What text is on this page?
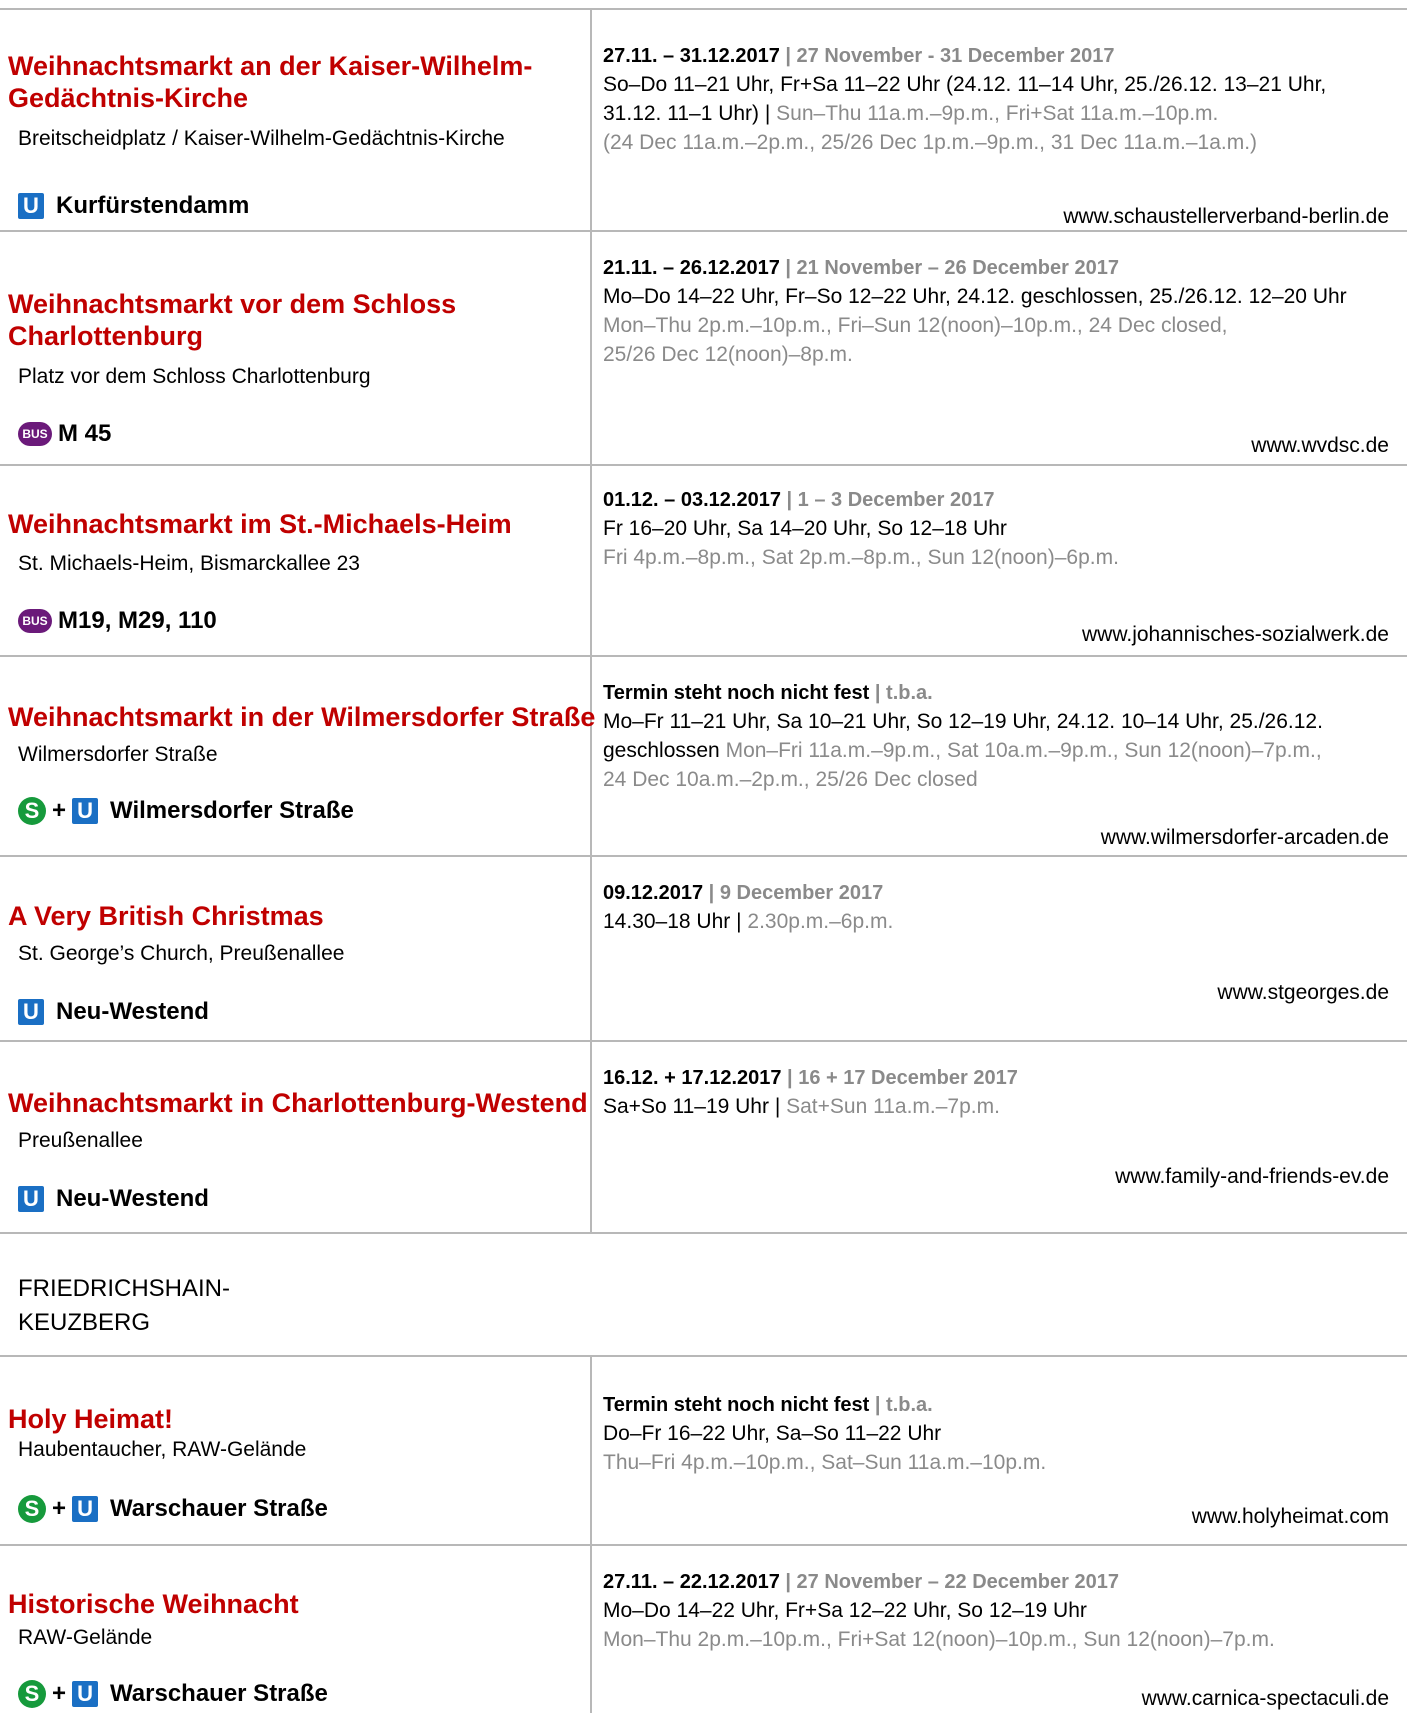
Weihnachtsmarkt an der Kaiser-Wilhelm-
Gedächtnis-Kirche
Breitscheidplatz / Kaiser-Wilhelm-Gedächtnis-Kirche
U Kurfürstendamm
27.11. – 31.12.2017 | 27 November - 31 December 2017
So–Do 11–21 Uhr, Fr+Sa 11–22 Uhr (24.12. 11–14 Uhr, 25./26.12. 13–21 Uhr,
31.12. 11–1 Uhr) | Sun–Thu 11a.m.–9p.m., Fri+Sat 11a.m.–10p.m.
(24 Dec 11a.m.–2p.m., 25/26 Dec 1p.m.–9p.m., 31 Dec 11a.m.–1a.m.)
www.schaustellerverband-berlin.de
Weihnachtsmarkt vor dem Schloss
Charlottenburg
Platz vor dem Schloss Charlottenburg
BUS M 45
21.11. – 26.12.2017 | 21 November – 26 December 2017
Mo–Do 14–22 Uhr, Fr–So 12–22 Uhr, 24.12. geschlossen, 25./26.12. 12–20 Uhr
Mon–Thu 2p.m.–10p.m., Fri–Sun 12(noon)–10p.m., 24 Dec closed,
25/26 Dec 12(noon)–8p.m.
www.wvdsc.de
Weihnachtsmarkt im St.-Michaels-Heim
St. Michaels-Heim, Bismarckallee 23
BUS M19, M29, 110
01.12. – 03.12.2017 | 1 – 3 December 2017
Fr 16–20 Uhr, Sa 14–20 Uhr, So 12–18 Uhr
Fri 4p.m.–8p.m., Sat 2p.m.–8p.m., Sun 12(noon)–6p.m.
www.johannisches-sozialwerk.de
Weihnachtsmarkt in der Wilmersdorfer Straße
Wilmersdorfer Straße
S + U Wilmersdorfer Straße
Termin steht noch nicht fest | t.b.a.
Mo–Fr 11–21 Uhr, Sa 10–21 Uhr, So 12–19 Uhr, 24.12. 10–14 Uhr, 25./26.12.
geschlossen Mon–Fri 11a.m.–9p.m., Sat 10a.m.–9p.m., Sun 12(noon)–7p.m.,
24 Dec 10a.m.–2p.m., 25/26 Dec closed
www.wilmersdorfer-arcaden.de
A Very British Christmas
St. George’s Church, Preußenallee
U Neu-Westend
09.12.2017 | 9 December 2017
14.30–18 Uhr | 2.30p.m.–6p.m.
www.stgeorges.de
Weihnachtsmarkt in Charlottenburg-Westend
Preußenallee
U Neu-Westend
16.12. + 17.12.2017 | 16 + 17 December 2017
Sa+So 11–19 Uhr | Sat+Sun 11a.m.–7p.m.
www.family-and-friends-ev.de
FRIEDRICHSHAIN-
KEUZBERG
Holy Heimat!
Haubentaucher, RAW-Gelände
S + U Warschauer Straße
Termin steht noch nicht fest | t.b.a.
Do–Fr 16–22 Uhr, Sa–So 11–22 Uhr
Thu–Fri 4p.m.–10p.m., Sat–Sun 11a.m.–10p.m.
www.holyheimat.com
Historische Weihnacht
RAW-Gelände
S + U Warschauer Straße
27.11. – 22.12.2017 | 27 November – 22 December 2017
Mo–Do 14–22 Uhr, Fr+Sa 12–22 Uhr, So 12–19 Uhr
Mon–Thu 2p.m.–10p.m., Fri+Sat 12(noon)–10p.m., Sun 12(noon)–7p.m.
www.carnica-spectaculi.de
